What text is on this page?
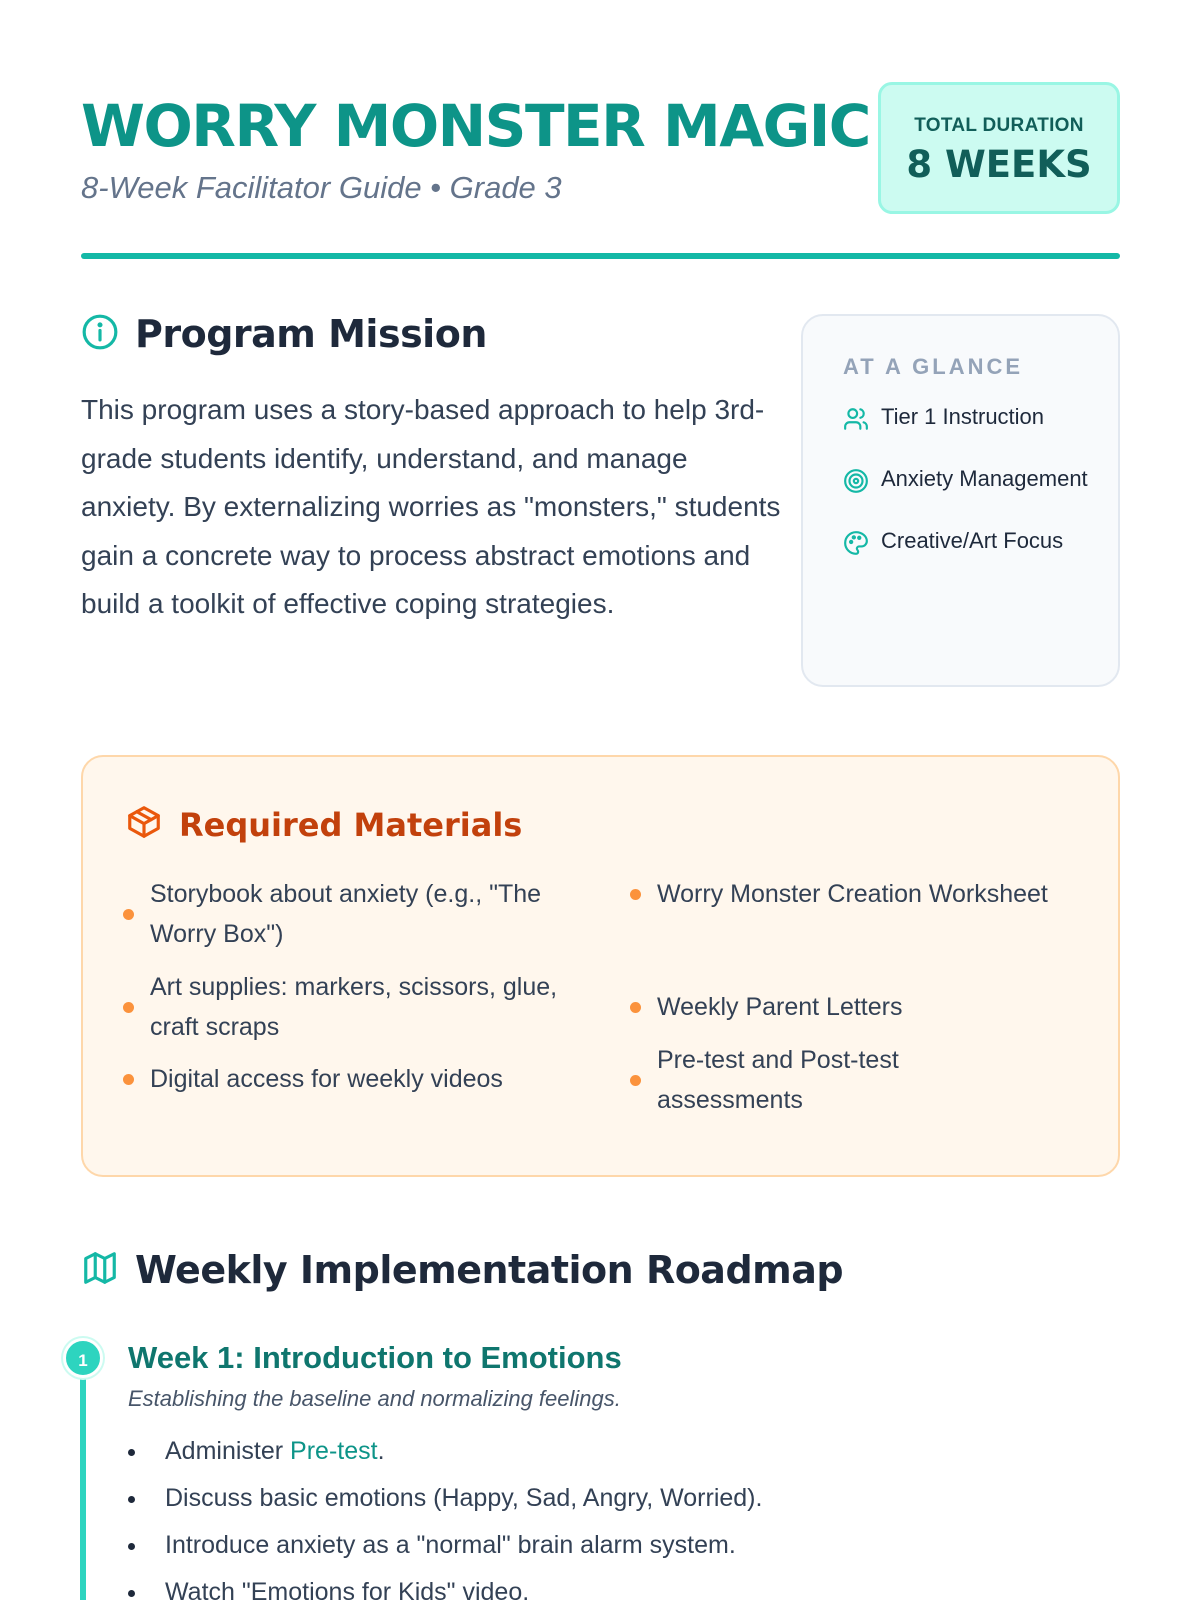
WORRY MONSTER MAGIC
8-Week Facilitator Guide • Grade 3
TOTAL DURATION
8 WEEKS
Program Mission

This program uses a story-based approach to help 3rd-grade students identify, understand, and manage anxiety. By externalizing worries as "monsters," students gain a concrete way to process abstract emotions and build a toolkit of effective coping strategies.

AT A GLANCE
Tier 1 Instruction
Anxiety Management
Creative/Art Focus
Required Materials
Storybook about anxiety (e.g., "The Worry Box")
Worry Monster Creation Worksheet
Art supplies: markers, scissors, glue, craft scraps
Weekly Parent Letters
Digital access for weekly videos
Pre-test and Post-test assessments
Weekly Implementation Roadmap
1	Week 1: Introduction to Emotions
Establishing the baseline and normalizing feelings.
Administer Pre-test.
Discuss basic emotions (Happy, Sad, Angry, Worried).
Introduce anxiety as a "normal" brain alarm system.
Watch "Emotions for Kids" video.
